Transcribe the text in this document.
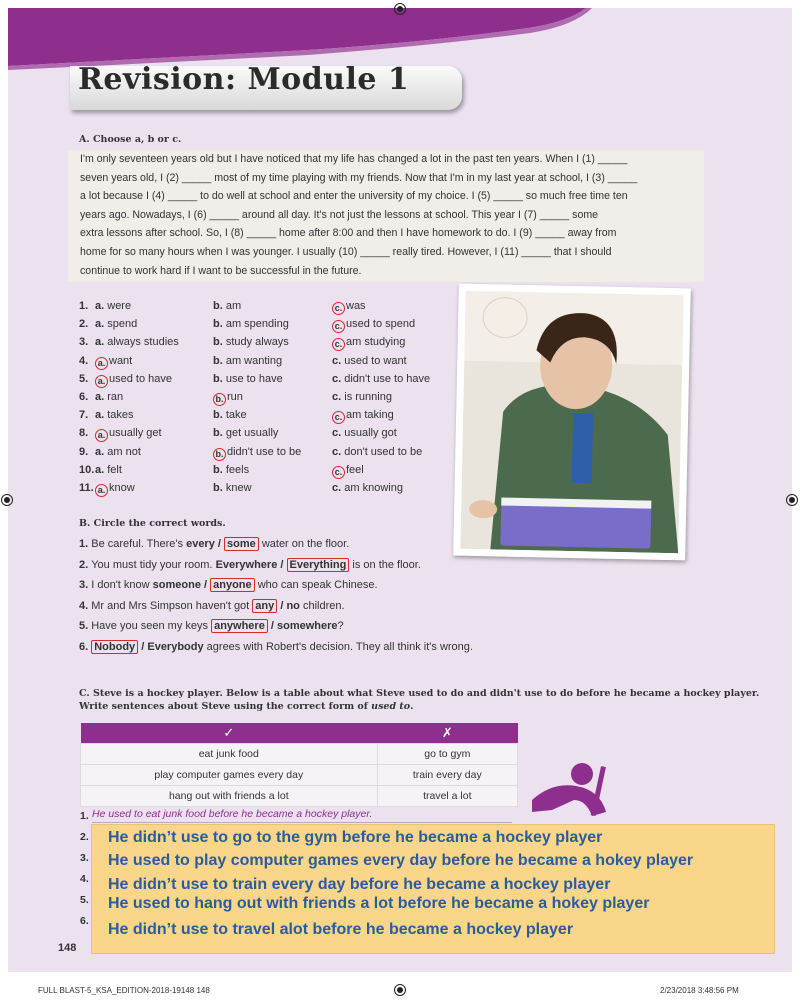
Revision: Module 1
A. Choose a, b or c.

I'm only seventeen years old but I have noticed that my life has changed a lot in the past ten years. When I (1) _____

seven years old, I (2) _____ most of my time playing with my friends. Now that I'm in my last year at school, I (3) _____

a lot because I (4) _____ to do well at school and enter the university of my choice. I (5) _____ so much free time ten

years ago. Nowadays, I (6) _____ around all day. It's not just the lessons at school. This year I (7) _____ some

extra lessons after school. So, I (8) _____ home after 8:00 and then I have homework to do. I (9) _____ away from

home for so many hours when I was younger. I usually (10) _____ really tired. However, I (11) _____ that I should

continue to work hard if I want to be successful in the future.

1. a. were	b. am	c. was
2. a. spend	b. am spending	c. used to spend
3. a. always studies	b. study always	c. am studying
4.	a. want	b. am wanting	c. used to want
5.	a. used to have	b. use to have	c. didn't use to have
6. a. ran	b. run	c. is running
7. a. takes	b. take	c. am taking
8.	a. usually get	b. get usually	c. usually got
9. a. am not	b. didn't use to be	c. don't used to be
10. a. felt	b. feels	c. feel
11. a. know	b. knew	c. am knowing
B. Circle the correct words.
1. Be careful. There's every / some water on the floor.
2. You must tidy your room. Everywhere / Everything is on the floor.
3. I don't know someone / anyone who can speak Chinese.
4. Mr and Mrs Simpson haven't got any / no children.
5. Have you seen my keys anywhere / somewhere?
6. Nobody / Everybody agrees with Robert's decision. They all think it's wrong.
C. Steve is a hockey player. Below is a table about what Steve used to do and didn't use to do before he became a hockey player.
Write sentences about Steve using the correct form of used to.
✓	✗
eat junk food	go to gym
play computer games every day	train every day
hang out with friends a lot	travel a lot
1. He used to eat junk food before he became a hockey player.
2.
3.
4.
5.
6.
He didn’t use to go to the gym before he became a hockey player
He used to play computer games every day before he became a hokey player
He didn’t use to train every day before he became a hockey player
He used to hang out with friends a lot before he became a hokey player
He didn’t use to travel alot before he became a hockey player
148
FULL BLAST-5_KSA_EDITION-2018-19148 148	2/23/2018 3:48:56 PM
